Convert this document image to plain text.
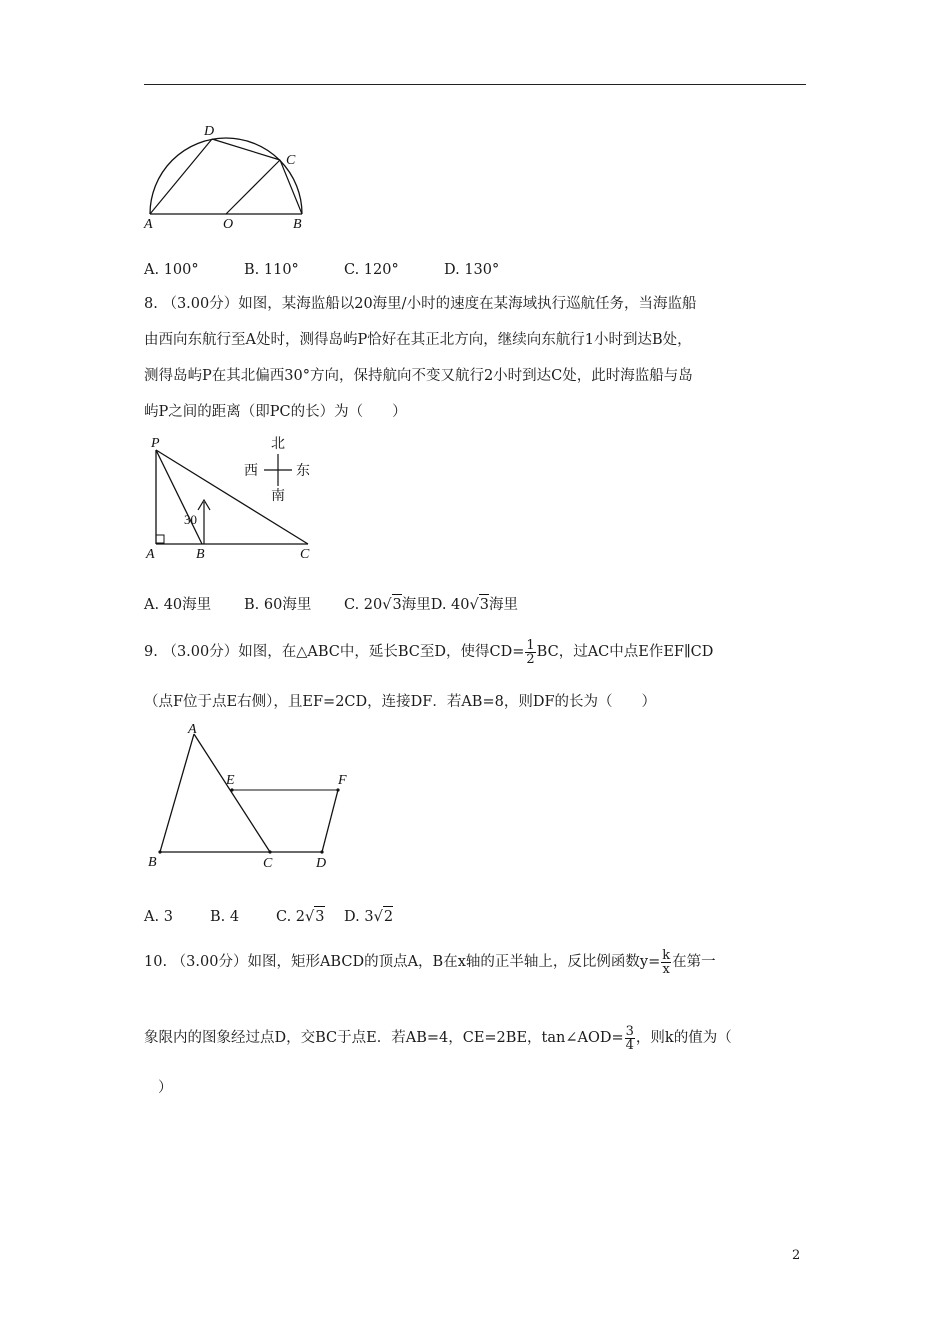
A	O	B
C
D
A. 100°	B. 110°	C. 120°	D. 130°
8. （3.00分）如图，某海监船以20海里/小时的速度在某海域执行巡航任务，当海监船
由西向东航行至A处时，测得岛屿P恰好在其正北方向，继续向东航行1小时到达B处，
测得岛屿P在其北偏西30°方向，保持航向不变又航行2小时到达C处，此时海监船与岛
屿P之间的距离（即PC的长）为（　　）
30
P
A	B	C
北
西	东
南
A. 40海里 B. 60海里 C. 20√3海里D. 40√3海里
9. （3.00分）如图，在△ABC中，延长BC至D，使得$CD= \frac{1}{2}$ BC，过AC中点E作EF∥CD
（点F位于点E右侧），且EF=2CD，连接DF．若AB=8，则DF的长为（　　）
A
B	C	D
E	F
A. 3	B. 4	C. 2√3 D. 3√2
10. （3.00分）如图，矩形ABCD的顶点A，B在x轴的正半轴上，反比例函数$y= \frac{k}{x}$ 在第一
象限内的图象经过点D，交BC于点E．若AB=4，CE=2BE，tan∠AOD= $\frac{3}{4}$ ，则k的值为（
）
2
